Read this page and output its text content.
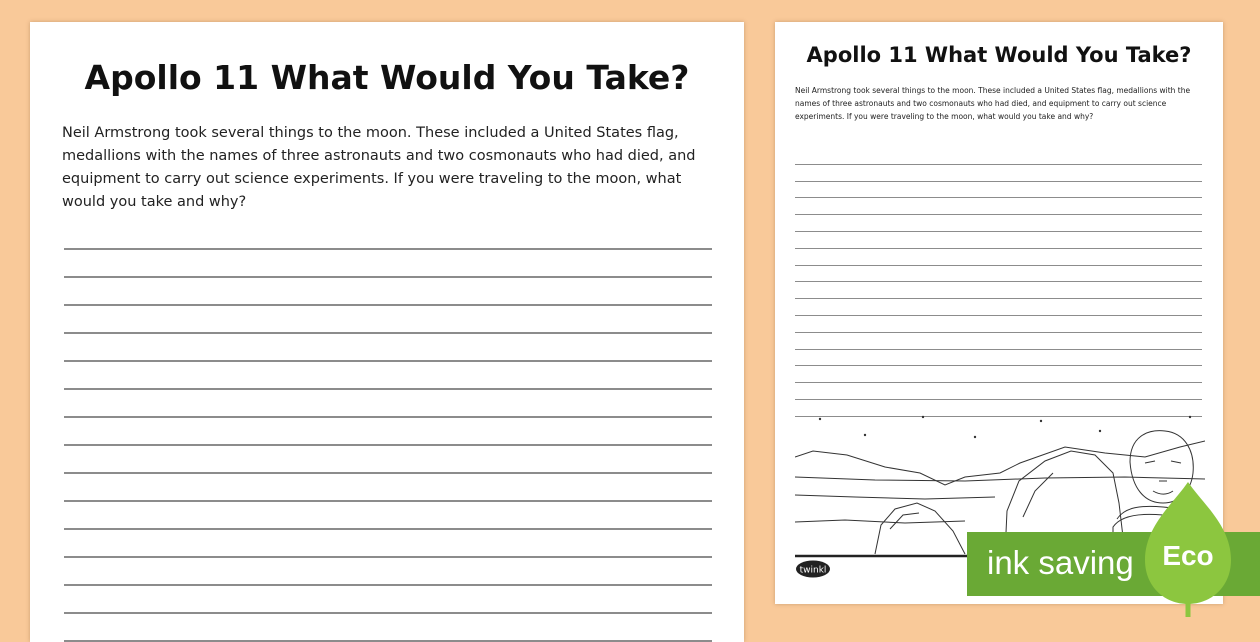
Apollo 11 What Would You Take?

Neil Armstrong took several things to the moon. These included a United States flag, medallions with the names of three astronauts and two cosmonauts who had died, and equipment to carry out science experiments. If you were traveling to the moon, what would you take and why?

Apollo 11 What Would You Take?

Neil Armstrong took several things to the moon. These included a United States flag, medallions with the names of three astronauts and two cosmonauts who had died, and equipment to carry out science experiments. If you were traveling to the moon, what would you take and why?

twinkl	ink saving	Eco
